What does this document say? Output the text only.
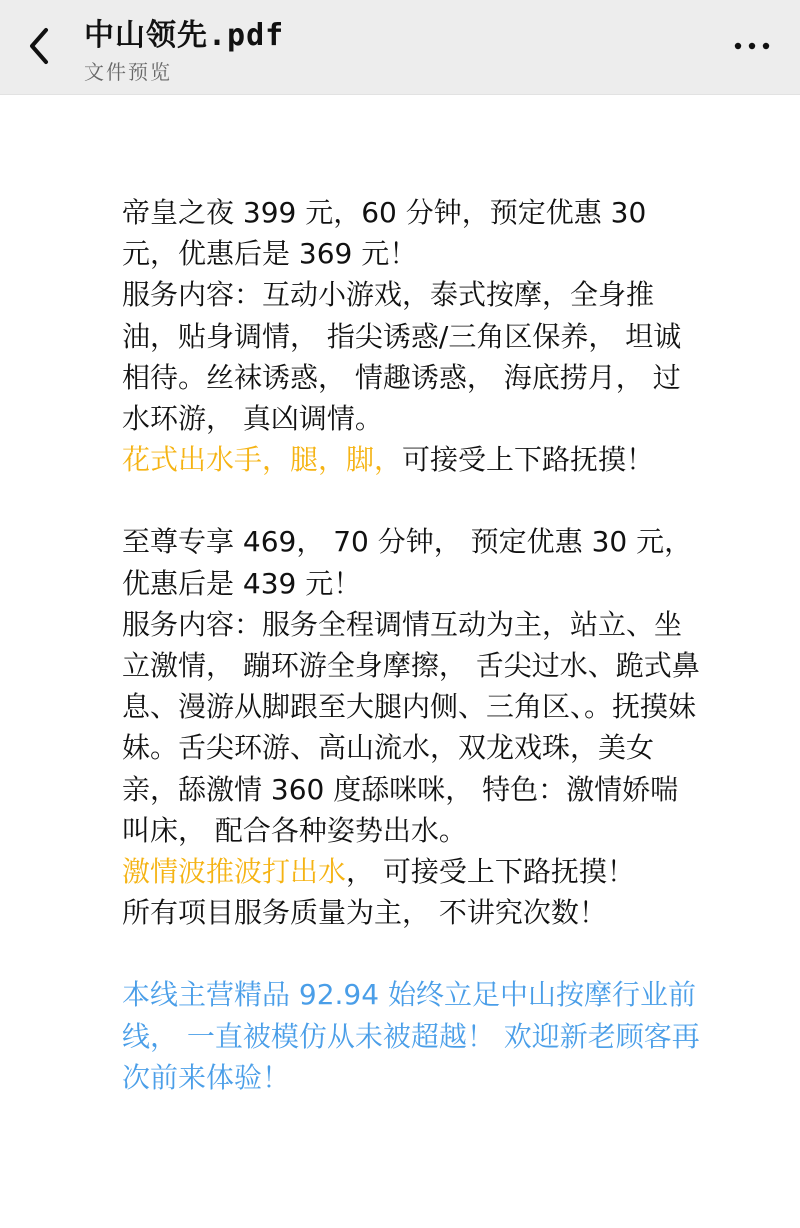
中山领先.pdf
文件预览

帝皇之夜 399 元，60 分钟，预定优惠 30 元，优惠后是 369 元！

服务内容：互动小游戏，泰式按摩，全身推油，贴身调情， 指尖诱惑/三角区保养， 坦诚相待。丝袜诱惑， 情趣诱惑， 海底捞月， 过水环游， 真凶调情。

花式出水手，腿，脚，可接受上下路抚摸！

至尊专享 469， 70 分钟， 预定优惠 30 元， 优惠后是 439 元！

服务内容：服务全程调情互动为主，站立、坐立激情， 蹦环游全身摩擦， 舌尖过水、跪式鼻息、漫游从脚跟至大腿内侧、三角区、。抚摸妹妹。舌尖环游、高山流水，双龙戏珠，美女亲，舔激情 360 度舔咪咪， 特色：激情娇喘叫床， 配合各种姿势出水。

激情波推波打出水， 可接受上下路抚摸！

所有项目服务质量为主， 不讲究次数！

本线主营精品 92.94 始终立足中山按摩行业前线， 一直被模仿从未被超越！ 欢迎新老顾客再次前来体验！
